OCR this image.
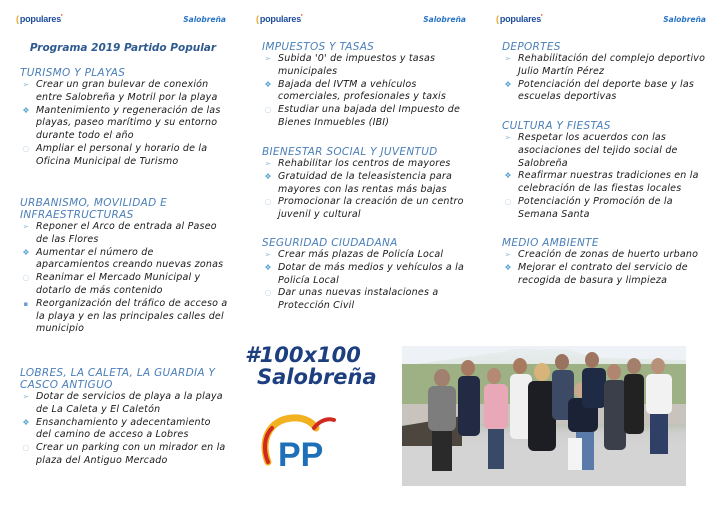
(populares'	Salobreña
Programa 2019 Partido Popular
TURISMO Y PLAYAS
➢ Crear un gran bulevar de conexión entre Salobreña y Motril por la playa
❖ Mantenimiento y regeneración de las playas, paseo marítimo y su entorno durante todo el año
○ Ampliar el personal y horario de la Oficina Municipal de Turismo
URBANISMO, MOVILIDAD E INFRAESTRUCTURAS
➢ Reponer el Arco de entrada al Paseo de las Flores
❖ Aumentar el número de aparcamientos creando nuevas zonas
○ Reanimar el Mercado Municipal y dotarlo de más contenido
▪ Reorganización del tráfico de acceso a la playa y en las principales calles del municipio
LOBRES, LA CALETA, LA GUARDIA Y CASCO ANTIGUO
➢ Dotar de servicios de playa a la playa de La Caleta y El Caletón
❖ Ensanchamiento y adecentamiento del camino de acceso a Lobres
○ Crear un parking con un mirador en la plaza del Antiguo Mercado
(populares'	Salobreña
IMPUESTOS Y TASAS
➢ Subida '0' de impuestos y tasas municipales
❖ Bajada del IVTM a vehículos comerciales, profesionales y taxis
○ Estudiar una bajada del Impuesto de Bienes Inmuebles (IBI)
BIENESTAR SOCIAL Y JUVENTUD
➢ Rehabilitar los centros de mayores
❖ Gratuidad de la teleasistencia para mayores con las rentas más bajas
○ Promocionar la creación de un centro juvenil y cultural
SEGURIDAD CIUDADANA
➢ Crear más plazas de Policía Local
❖ Dotar de más medios y vehículos a la Policía Local
○ Dar unas nuevas instalaciones a Protección Civil
(populares'	Salobreña
DEPORTES
➢ Rehabilitación del complejo deportivo Julio Martín Pérez
❖ Potenciación del deporte base y las escuelas deportivas
CULTURA Y FIESTAS
➢ Respetar los acuerdos con las asociaciones del tejido social de Salobreña
❖ Reafirmar nuestras tradiciones en la celebración de las fiestas locales
○ Potenciación y Promoción de la Semana Santa
MEDIO AMBIENTE
➢ Creación de zonas de huerto urbano
❖ Mejorar el contrato del servicio de recogida de basura y limpieza
#100x100
Salobreña
PP
